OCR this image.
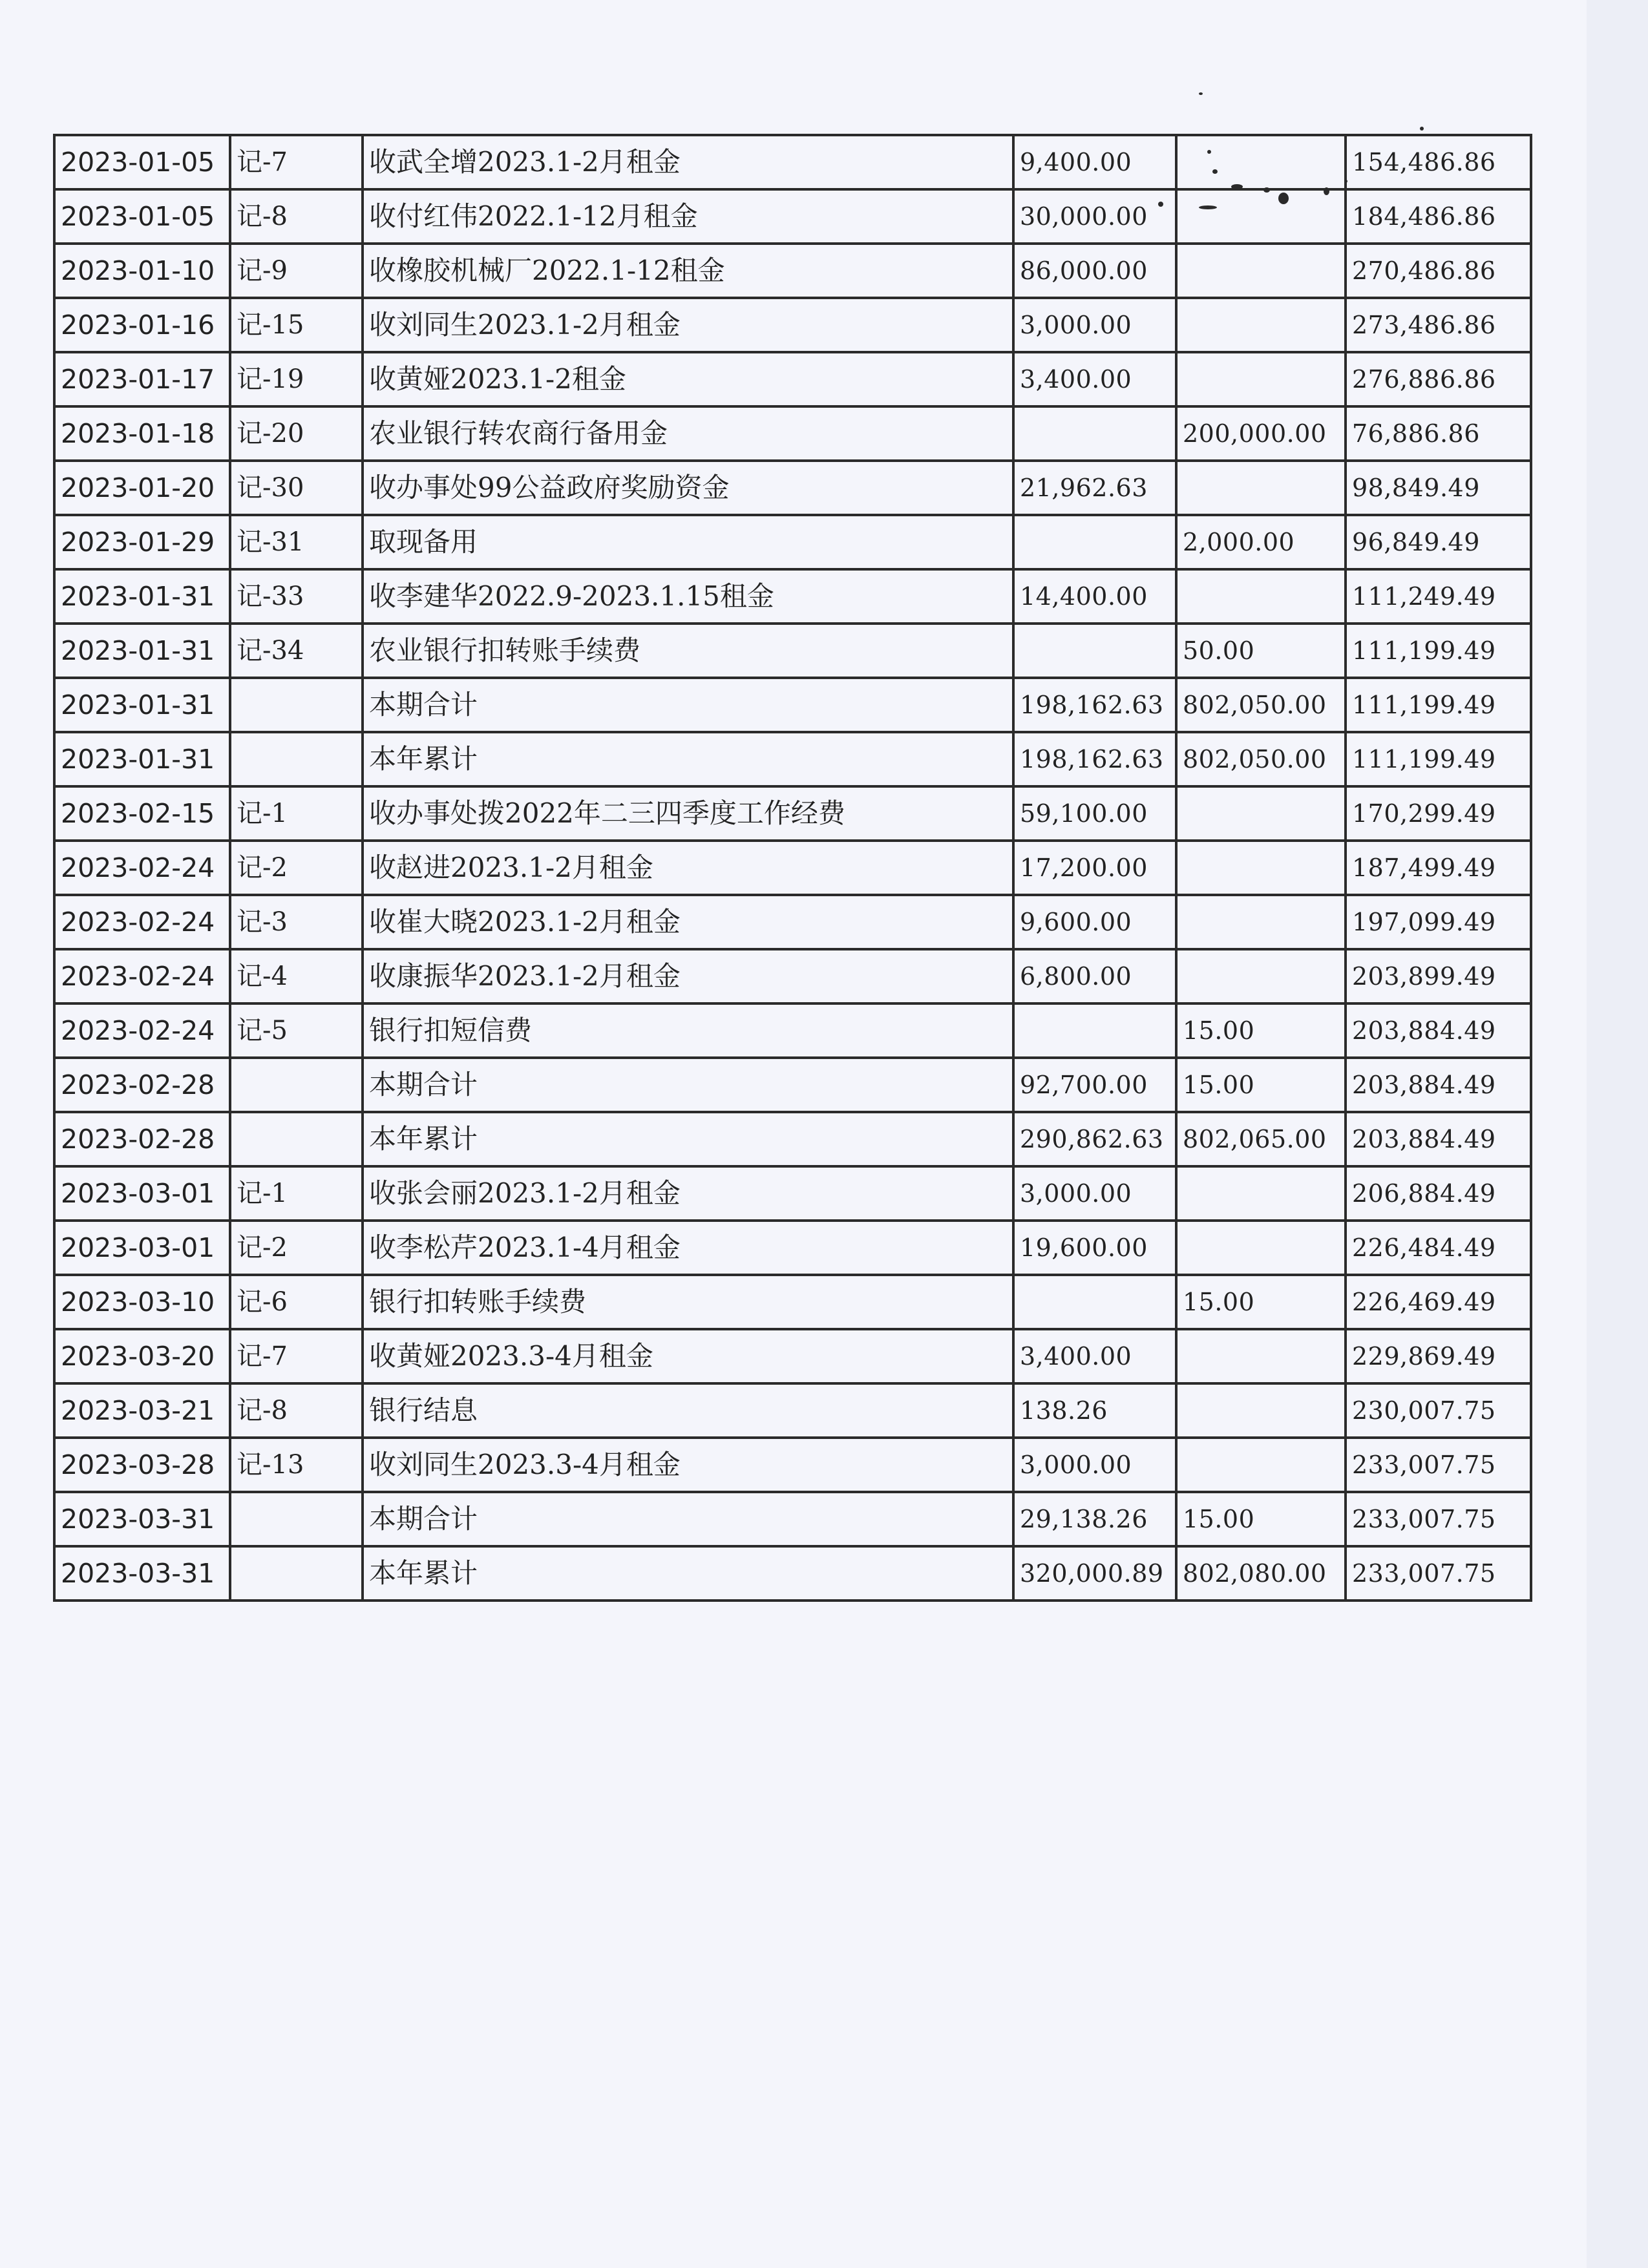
2023-01-05	记-7	收武全增2023.1-2月租金	9,400.00		154,486.86
2023-01-05	记-8	收付红伟2022.1-12月租金	30,000.00		184,486.86
2023-01-10	记-9	收橡胶机械厂2022.1-12租金	86,000.00		270,486.86
2023-01-16	记-15	收刘同生2023.1-2月租金	3,000.00		273,486.86
2023-01-17	记-19	收黄娅2023.1-2租金	3,400.00		276,886.86
2023-01-18	记-20	农业银行转农商行备用金		200,000.00	76,886.86
2023-01-20	记-30	收办事处99公益政府奖励资金	21,962.63		98,849.49
2023-01-29	记-31	取现备用		2,000.00	96,849.49
2023-01-31	记-33	收李建华2022.9-2023.1.15租金	14,400.00		111,249.49
2023-01-31	记-34	农业银行扣转账手续费		50.00	111,199.49
2023-01-31		本期合计	198,162.63	802,050.00	111,199.49
2023-01-31		本年累计	198,162.63	802,050.00	111,199.49
2023-02-15	记-1	收办事处拨2022年二三四季度工作经费	59,100.00		170,299.49
2023-02-24	记-2	收赵进2023.1-2月租金	17,200.00		187,499.49
2023-02-24	记-3	收崔大晓2023.1-2月租金	9,600.00		197,099.49
2023-02-24	记-4	收康振华2023.1-2月租金	6,800.00		203,899.49
2023-02-24	记-5	银行扣短信费		15.00	203,884.49
2023-02-28		本期合计	92,700.00	15.00	203,884.49
2023-02-28		本年累计	290,862.63	802,065.00	203,884.49
2023-03-01	记-1	收张会丽2023.1-2月租金	3,000.00		206,884.49
2023-03-01	记-2	收李松芹2023.1-4月租金	19,600.00		226,484.49
2023-03-10	记-6	银行扣转账手续费		15.00	226,469.49
2023-03-20	记-7	收黄娅2023.3-4月租金	3,400.00		229,869.49
2023-03-21	记-8	银行结息	138.26		230,007.75
2023-03-28	记-13	收刘同生2023.3-4月租金	3,000.00		233,007.75
2023-03-31		本期合计	29,138.26	15.00	233,007.75
2023-03-31		本年累计	320,000.89	802,080.00	233,007.75
